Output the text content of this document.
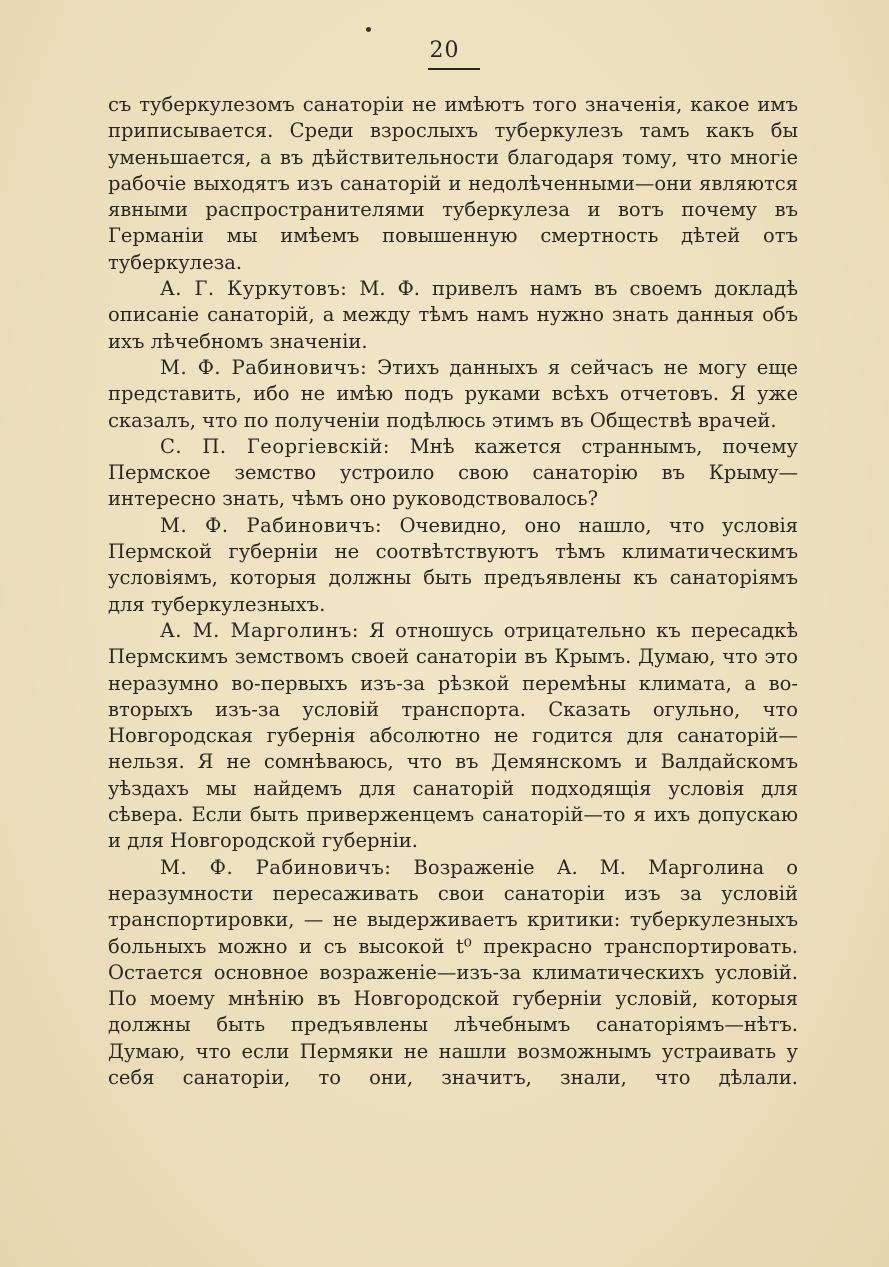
20

съ туберкулезомъ санаторіи не имѣютъ того значенія, какое имъ приписывается. Среди взрослыхъ туберкулезъ тамъ какъ бы уменьшается, а въ дѣйствительности благодаря тому, что многіе рабочіе выходятъ изъ санаторій и недолѣченными—они являются явными распространителями туберкулеза и вотъ почему въ Германіи мы имѣемъ повышенную смертность дѣтей отъ туберкулеза.

А. Г. Куркутовъ: М. Ф. привелъ намъ въ своемъ докладѣ описаніе санаторій, а между тѣмъ намъ нужно знать данныя объ ихъ лѣчебномъ значеніи.

М. Ф. Рабиновичъ: Этихъ данныхъ я сейчасъ не могу еще представить, ибо не имѣю подъ руками всѣхъ отчетовъ. Я уже сказалъ, что по полученіи подѣлюсь этимъ въ Обществѣ врачей.

С. П. Георгіевскій: Мнѣ кажется страннымъ, почему Пермское земство устроило свою санаторію въ Крыму—интересно знать, чѣмъ оно руководствовалось?

М. Ф. Рабиновичъ: Очевидно, оно нашло, что условія Пермской губерніи не соотвѣтствуютъ тѣмъ климатическимъ условіямъ, которыя должны быть предъявлены къ санаторіямъ для туберкулезныхъ.

А. М. Марголинъ: Я отношусь отрицательно къ пересадкѣ Пермскимъ земствомъ своей санаторіи въ Крымъ. Думаю, что это неразумно во-первыхъ изъ-за рѣзкой перемѣны климата, а во-вторыхъ изъ-за условій транспорта. Сказать огульно, что Новгородская губернія абсолютно не годится для санаторій—нельзя. Я не сомнѣваюсь, что въ Демянскомъ и Валдайскомъ уѣздахъ мы найдемъ для санаторій подходящія условія для сѣвера. Если быть приверженцемъ санаторій—то я ихъ допускаю и для Новгородской губерніи.

М. Ф. Рабиновичъ: Возраженіе А. М. Марголина о неразумности пересаживать свои санаторіи изъ за условій транспортировки, — не выдерживаетъ критики: туберкулезныхъ больныхъ можно и съ высокой t⁰ прекрасно транспортировать. Остается основное возраженіе—изъ-за климатическихъ условій. По моему мнѣнію въ Новгородской губерніи условій, которыя должны быть предъявлены лѣчебнымъ санаторіямъ—нѣтъ. Думаю, что если Пермяки не нашли возможнымъ устраивать у себя санаторіи, то они, значитъ, знали, что дѣлали.
